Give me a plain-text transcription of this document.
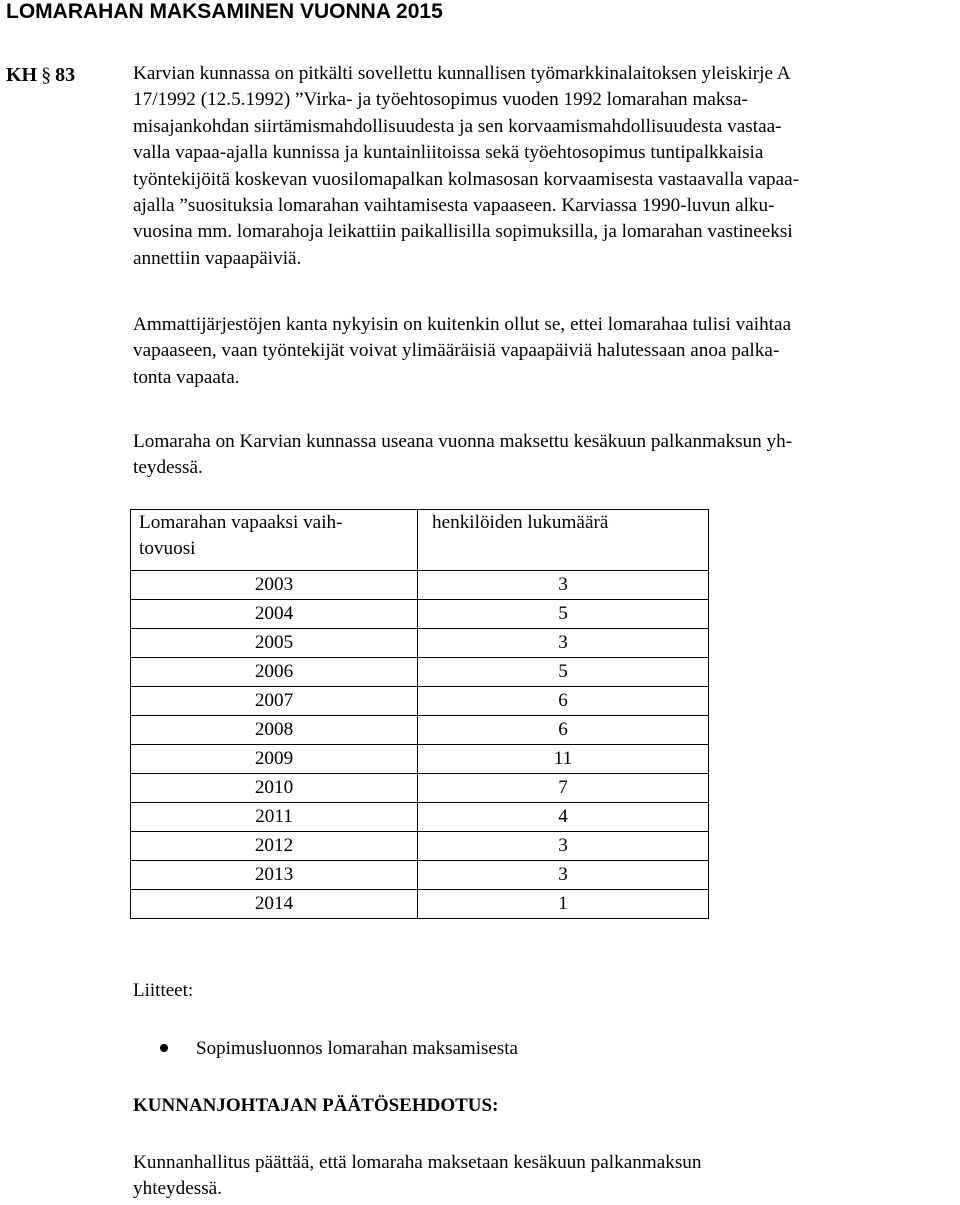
LOMARAHAN MAKSAMINEN VUONNA 2015
KH § 83	Karvian kunnassa on pitkälti sovellettu kunnallisen työmarkkinalaitoksen yleiskirje A
17/1992 (12.5.1992) ”Virka- ja työehtosopimus vuoden 1992 lomarahan maksa-
misajankohdan siirtämismahdollisuudesta ja sen korvaamismahdollisuudesta vastaa-
valla vapaa-ajalla kunnissa ja kuntainliitoissa sekä työehtosopimus tuntipalkkaisia
työntekijöitä koskevan vuosilomapalkan kolmasosan korvaamisesta vastaavalla vapaa-
ajalla ”suosituksia lomarahan vaihtamisesta vapaaseen. Karviassa 1990-luvun alku-
vuosina mm. lomarahoja leikattiin paikallisilla sopimuksilla, ja lomarahan vastineeksi
annettiin vapaapäiviä.
Ammattijärjestöjen kanta nykyisin on kuitenkin ollut se, ettei lomarahaa tulisi vaihtaa
vapaaseen, vaan työntekijät voivat ylimääräisiä vapaapäiviä halutessaan anoa palka-
tonta vapaata.
Lomaraha on Karvian kunnassa useana vuonna maksettu kesäkuun palkanmaksun yh-
teydessä.
Lomarahan vapaaksi vaih-
tovuosi	henkilöiden lukumäärä
2003	3
2004	5
2005	3
2006	5
2007	6
2008	6
2009	11
2010	7
2011	4
2012	3
2013	3
2014	1
Liitteet:
Sopimusluonnos lomarahan maksamisesta
KUNNANJOHTAJAN PÄÄTÖSEHDOTUS:
Kunnanhallitus päättää, että lomaraha maksetaan kesäkuun palkanmaksun
yhteydessä.
